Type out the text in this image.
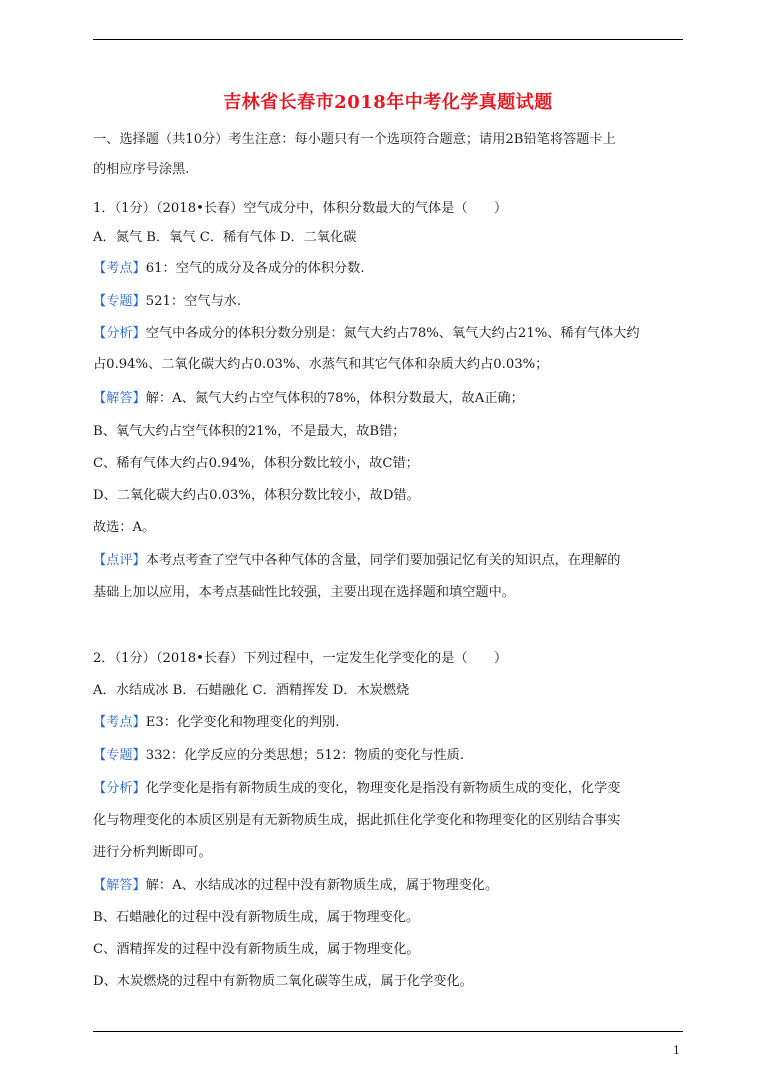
吉林省长春市2018年中考化学真题试题
一、选择题（共10分）考生注意：每小题只有一个选项符合题意；请用2B铅笔将答题卡上
的相应序号涂黑.
1．（1分）（2018•长春）空气成分中，体积分数最大的气体是（　　）
A．氮气 B．氧气 C．稀有气体 D．二氧化碳
【考点】61：空气的成分及各成分的体积分数.
【专题】521：空气与水.
【分析】空气中各成分的体积分数分别是：氮气大约占78%、氧气大约占21%、稀有气体大约
占0.94%、二氧化碳大约占0.03%、水蒸气和其它气体和杂质大约占0.03%；
【解答】解：A、氮气大约占空气体积的78%，体积分数最大，故A正确；
B、氧气大约占空气体积的21%，不是最大，故B错；
C、稀有气体大约占0.94%，体积分数比较小，故C错；
D、二氧化碳大约占0.03%，体积分数比较小，故D错。
故选：A。
【点评】本考点考查了空气中各种气体的含量，同学们要加强记忆有关的知识点，在理解的
基础上加以应用，本考点基础性比较强，主要出现在选择题和填空题中。
2．（1分）（2018•长春）下列过程中，一定发生化学变化的是（　　）
A．水结成冰 B．石蜡融化 C．酒精挥发 D．木炭燃烧
【考点】E3：化学变化和物理变化的判别.
【专题】332：化学反应的分类思想；512：物质的变化与性质.
【分析】化学变化是指有新物质生成的变化，物理变化是指没有新物质生成的变化，化学变
化与物理变化的本质区别是有无新物质生成，据此抓住化学变化和物理变化的区别结合事实
进行分析判断即可。
【解答】解：A、水结成冰的过程中没有新物质生成，属于物理变化。
B、石蜡融化的过程中没有新物质生成，属于物理变化。
C、酒精挥发的过程中没有新物质生成，属于物理变化。
D、木炭燃烧的过程中有新物质二氧化碳等生成，属于化学变化。
1
